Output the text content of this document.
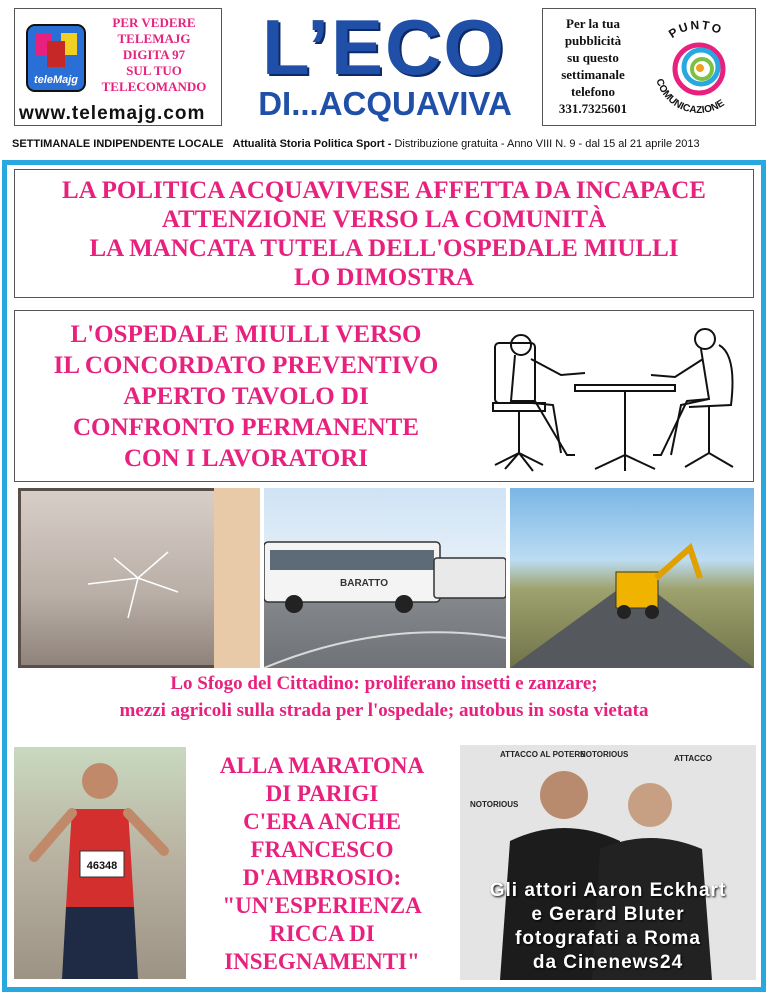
teleMajg
PER VEDERE
TELEMAJG
DIGITA 97
SUL TUO
TELECOMANDO
www.telemajg.com
L’ECO
DI...ACQUAVIVA
Per la tua
pubblicità
su questo
settimanale
telefono
331.7325601
PUNTO
COMUNICAZIONE
SETTIMANALE INDIPENDENTE LOCALE Attualità Storia Politica Sport - Distribuzione gratuita - Anno VIII N. 9 - dal 15 al 21 aprile 2013
LA POLITICA ACQUAVIVESE AFFETTA DA INCAPACE
ATTENZIONE VERSO LA COMUNITÀ
LA MANCATA TUTELA DELL'OSPEDALE MIULLI
LO DIMOSTRA
L'OSPEDALE MIULLI VERSO
IL CONCORDATO PREVENTIVO
APERTO TAVOLO DI
CONFRONTO PERMANENTE
CON I LAVORATORI
BARATTO
Lo Sfogo del Cittadino: proliferano insetti e zanzare;
mezzi agricoli sulla strada per l'ospedale; autobus in sosta vietata
46348
ALLA MARATONA
DI PARIGI
C'ERA ANCHE
FRANCESCO
D'AMBROSIO:
"UN'ESPERIENZA
RICCA DI
INSEGNAMENTI"
ATTACCO AL POTERE
NOTORIOUS	ATTACCO
NOTORIOUS
Gli attori Aaron Eckhart
e Gerard Bluter
fotografati a Roma
da Cinenews24
